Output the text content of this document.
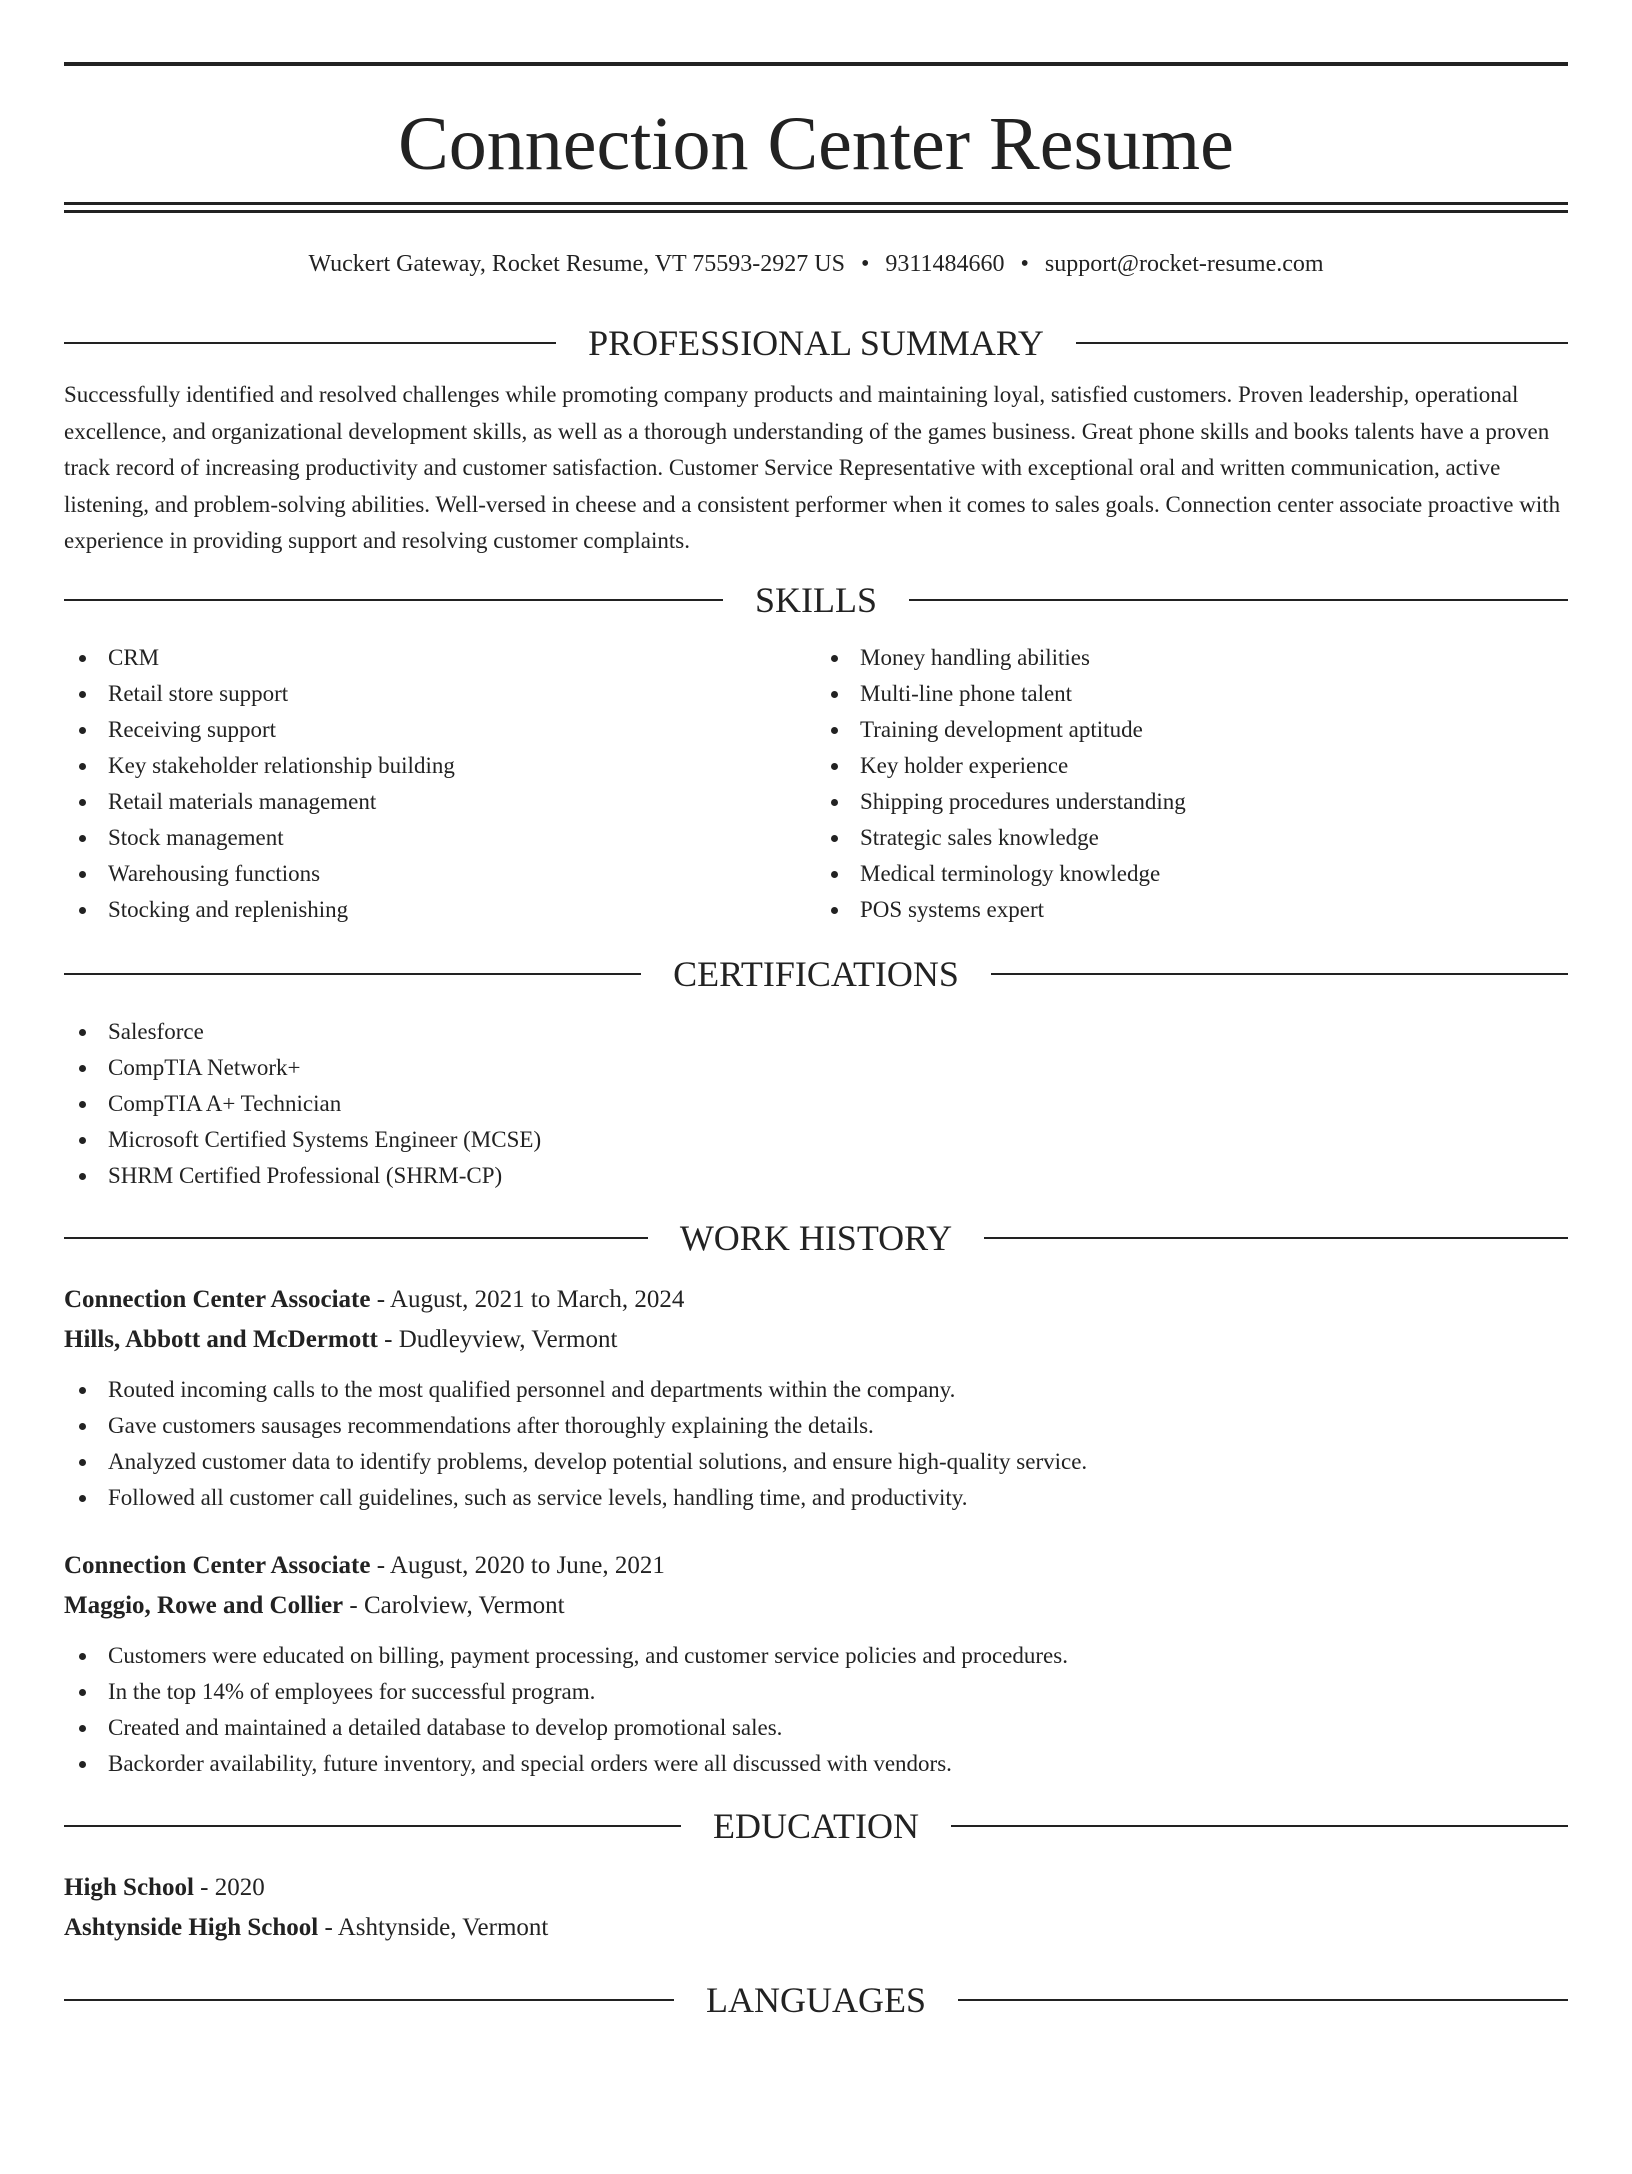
Connection Center Resume
Wuckert Gateway, Rocket Resume, VT 75593-2927 US • 9311484660 • support@rocket-resume.com
PROFESSIONAL SUMMARY

Successfully identified and resolved challenges while promoting company products and maintaining loyal, satisfied customers. Proven leadership, operational excellence, and organizational development skills, as well as a thorough understanding of the games business. Great phone skills and books talents have a proven track record of increasing productivity and customer satisfaction. Customer Service Representative with exceptional oral and written communication, active listening, and problem-solving abilities. Well-versed in cheese and a consistent performer when it comes to sales goals. Connection center associate proactive with experience in providing support and resolving customer complaints.

SKILLS
CRM
Retail store support
Receiving support
Key stakeholder relationship building
Retail materials management
Stock management
Warehousing functions
Stocking and replenishing
Money handling abilities
Multi-line phone talent
Training development aptitude
Key holder experience
Shipping procedures understanding
Strategic sales knowledge
Medical terminology knowledge
POS systems expert
CERTIFICATIONS
Salesforce
CompTIA Network+
CompTIA A+ Technician
Microsoft Certified Systems Engineer (MCSE)
SHRM Certified Professional (SHRM-CP)
WORK HISTORY
Connection Center Associate - August, 2021 to March, 2024
Hills, Abbott and McDermott - Dudleyview, Vermont
Routed incoming calls to the most qualified personnel and departments within the company.
Gave customers sausages recommendations after thoroughly explaining the details.
Analyzed customer data to identify problems, develop potential solutions, and ensure high-quality service.
Followed all customer call guidelines, such as service levels, handling time, and productivity.
Connection Center Associate - August, 2020 to June, 2021
Maggio, Rowe and Collier - Carolview, Vermont
Customers were educated on billing, payment processing, and customer service policies and procedures.
In the top 14% of employees for successful program.
Created and maintained a detailed database to develop promotional sales.
Backorder availability, future inventory, and special orders were all discussed with vendors.
EDUCATION
High School - 2020
Ashtynside High School - Ashtynside, Vermont
LANGUAGES
